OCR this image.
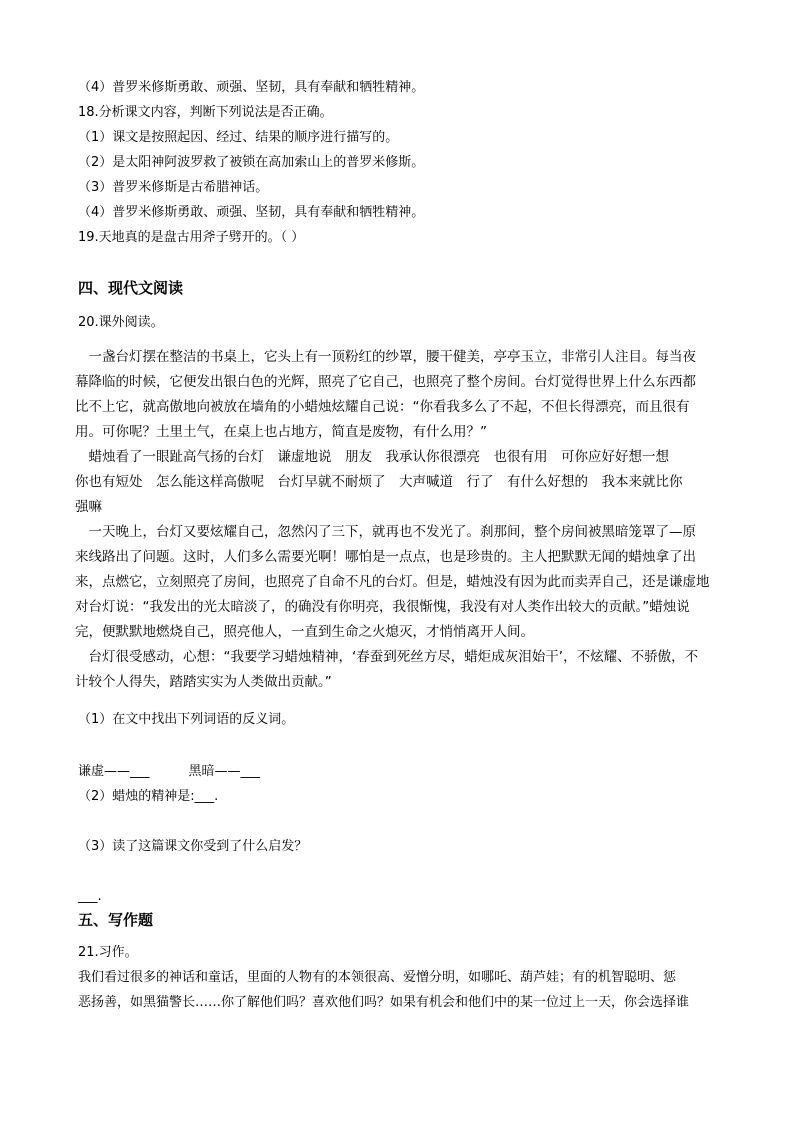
（4）普罗米修斯勇敢、顽强、坚韧，具有奉献和牺牲精神。
18.分析课文内容，判断下列说法是否正确。
（1）课文是按照起因、经过、结果的顺序进行描写的。
（2）是太阳神阿波罗救了被锁在高加索山上的普罗米修斯。
（3）普罗米修斯是古希腊神话。
（4）普罗米修斯勇敢、顽强、坚韧，具有奉献和牺牲精神。
19.天地真的是盘古用斧子劈开的。（ ）
四、现代文阅读
20.课外阅读。

　一盏台灯摆在整洁的书桌上，它头上有一顶粉红的纱罩，腰干健美，亭亭玉立，非常引人注目。每当夜

幕降临的时候，它便发出银白色的光辉，照亮了它自己，也照亮了整个房间。台灯觉得世界上什么东西都

比不上它，就高傲地向被放在墙角的小蜡烛炫耀自己说：“你看我多么了不起，不但长得漂亮，而且很有

用。可你呢？土里土气，在桌上也占地方，简直是废物，有什么用？”

　蜡烛看了一眼趾高气扬的台灯　谦虚地说　朋友　我承认你很漂亮　也很有用　可你应好好想一想

你也有短处　怎么能这样高傲呢　台灯早就不耐烦了　大声喊道　行了　有什么好想的　我本来就比你

强嘛

　一天晚上，台灯又要炫耀自己，忽然闪了三下，就再也不发光了。刹那间，整个房间被黑暗笼罩了—原

来线路出了问题。这时，人们多么需要光啊！哪怕是一点点，也是珍贵的。主人把默默无闻的蜡烛拿了出

来，点燃它，立刻照亮了房间，也照亮了自命不凡的台灯。但是，蜡烛没有因为此而卖弄自己，还是谦虚地

对台灯说：“我发出的光太暗淡了，的确没有你明亮，我很惭愧，我没有对人类作出较大的贡献。”蜡烛说

完，便默默地燃烧自己，照亮他人，一直到生命之火熄灭，才悄悄离开人间。

　台灯很受感动，心想：“我要学习蜡烛精神，‘春蚕到死丝方尽，蜡炬成灰泪始干’，不炫耀、不骄傲，不

计较个人得失，踏踏实实为人类做出贡献。”

（1）在文中找出下列词语的反义词。
谦虚——___　　　黑暗——___
（2）蜡烛的精神是:___.
（3）读了这篇课文你受到了什么启发？
___.
五、写作题
21.习作。
我们看过很多的神话和童话，里面的人物有的本领很高、爱憎分明，如哪吒、葫芦娃；有的机智聪明、惩
恶扬善，如黑猫警长……你了解他们吗？喜欢他们吗？如果有机会和他们中的某一位过上一天，你会选择谁
